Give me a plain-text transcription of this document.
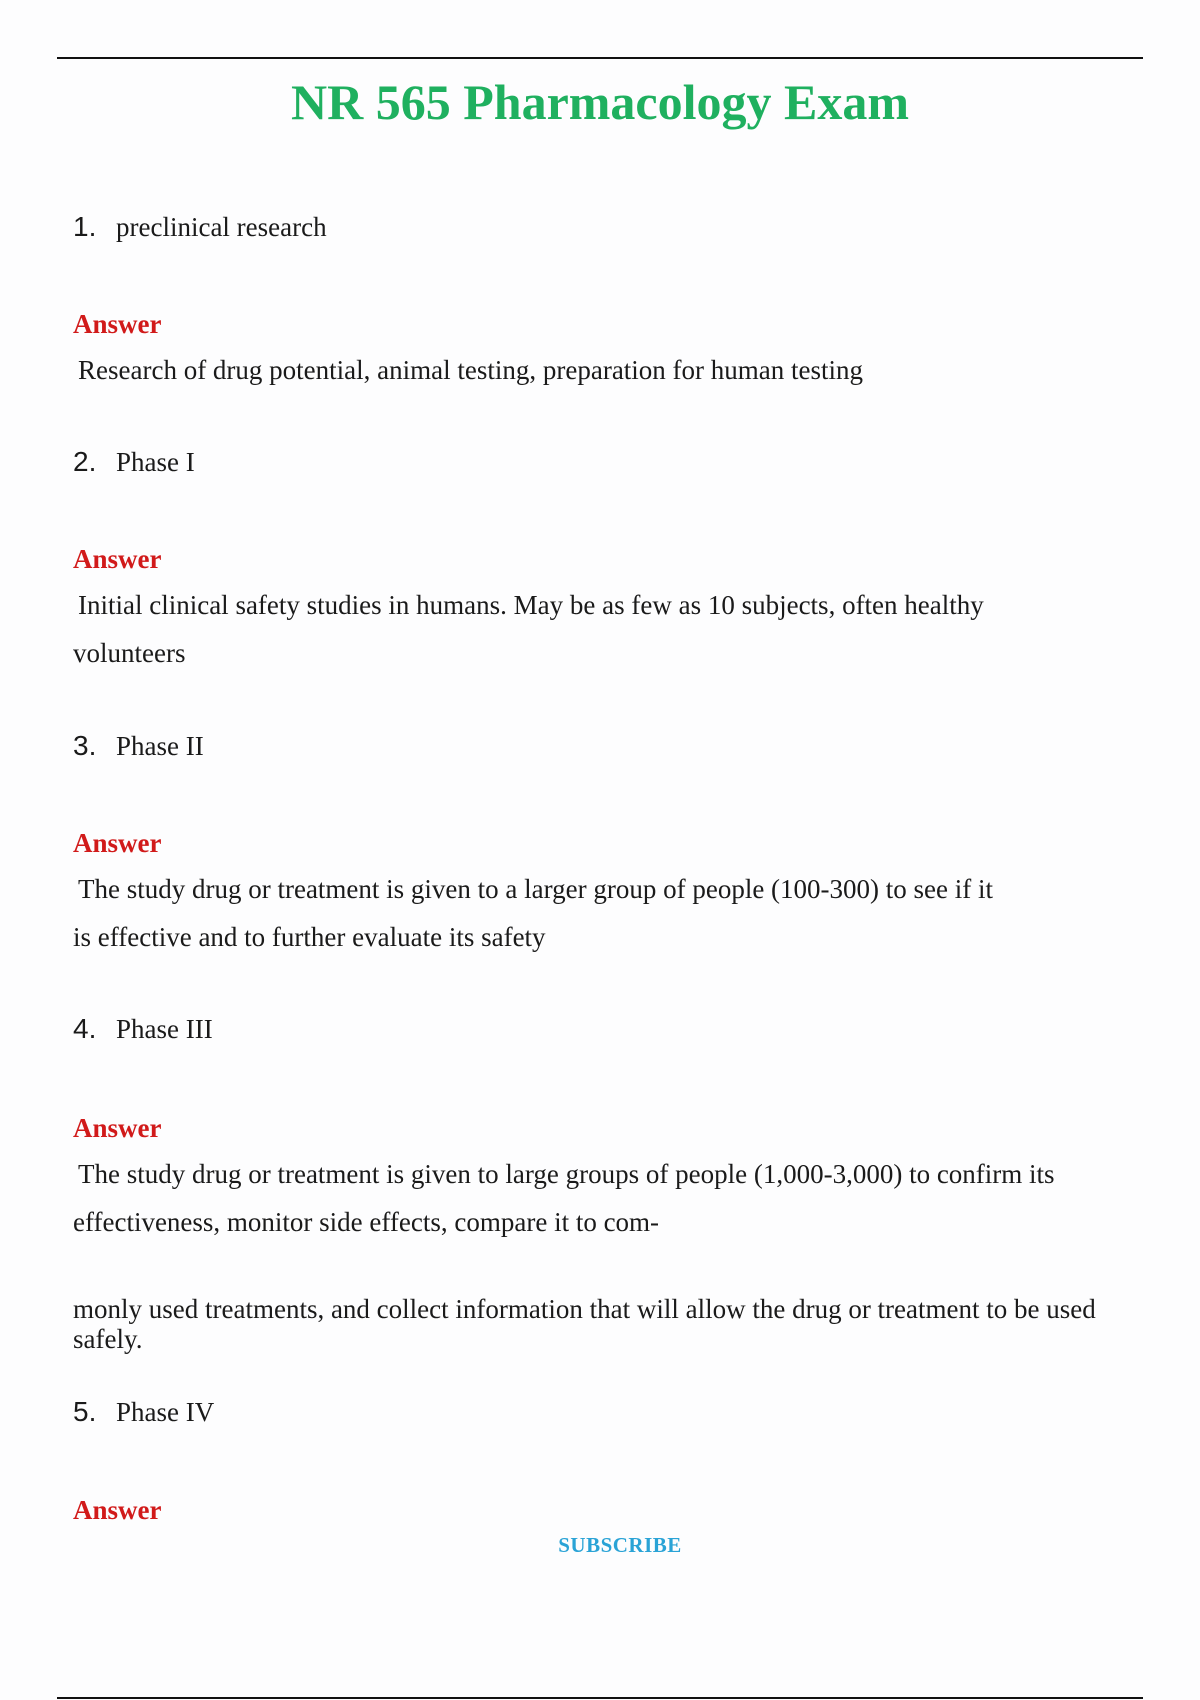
NR 565 Pharmacology Exam
1. preclinical research
Answer
Research of drug potential, animal testing, preparation for human testing
2. Phase I
Answer
Initial clinical safety studies in humans. May be as few as 10 subjects, often healthy
volunteers
3. Phase II
Answer
The study drug or treatment is given to a larger group of people (100-300) to see if it
is effective and to further evaluate its safety
4. Phase III
Answer
The study drug or treatment is given to large groups of people (1,000-3,000) to confirm its
effectiveness, monitor side effects, compare it to com-
monly used treatments, and collect information that will allow the drug or treatment to be used safely.
5. Phase IV
Answer
SUBSCRIBE
